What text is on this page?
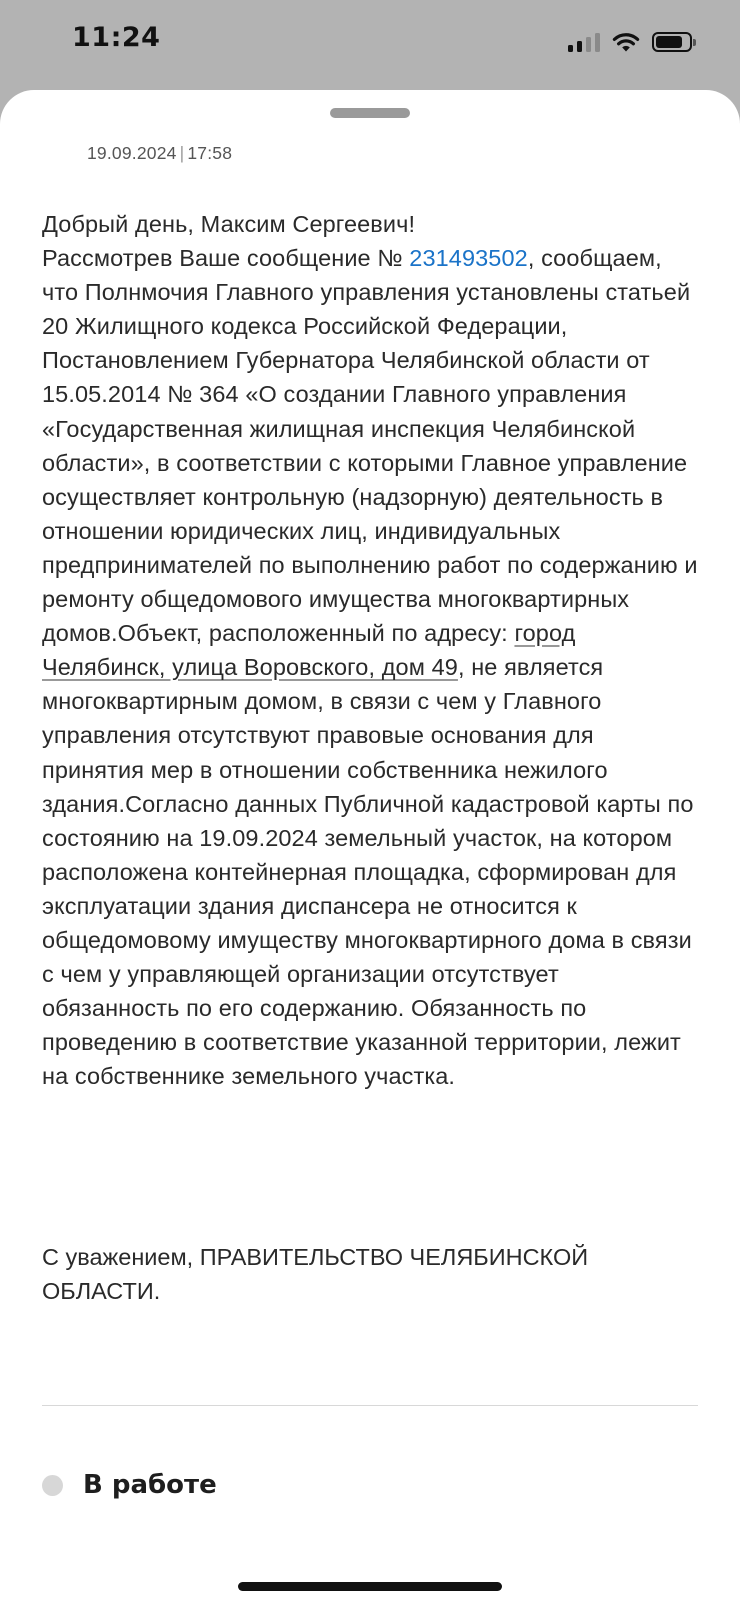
11:24
19.09.2024 | 17:58
Добрый день, Максим Сергеевич!
Рассмотрев Ваше сообщение № 231493502, сообщаем, что Полнмочия Главного управления установлены статьей 20 Жилищного кодекса Российской Федерации, Постановлением Губернатора Челябинской области от 15.05.2014 № 364 «О создании Главного управления «Государственная жилищная инспекция Челябинской области», в соответствии с которыми Главное управление осуществляет контрольную (надзорную) деятельность в отношении юридических лиц, индивидуальных предпринимателей по выполнению работ по содержанию и ремонту общедомового имущества многоквартирных домов.Объект, расположенный по адресу: город Челябинск, улица Воровского, дом 49, не является многоквартирным домом, в связи с чем у Главного управления отсутствуют правовые основания для принятия мер в отношении собственника нежилого здания.Согласно данных Публичной кадастровой карты по состоянию на 19.09.2024 земельный участок, на котором расположена контейнерная площадка, сформирован для эксплуатации здания диспансера не относится к общедомовому имуществу многоквартирного дома в связи с чем у управляющей организации отсутствует обязанность по его содержанию. Обязанность по проведению в соответствие указанной территории, лежит на собственнике земельного участка.
С уважением, ПРАВИТЕЛЬСТВО ЧЕЛЯБИНСКОЙ ОБЛАСТИ.
В работе
